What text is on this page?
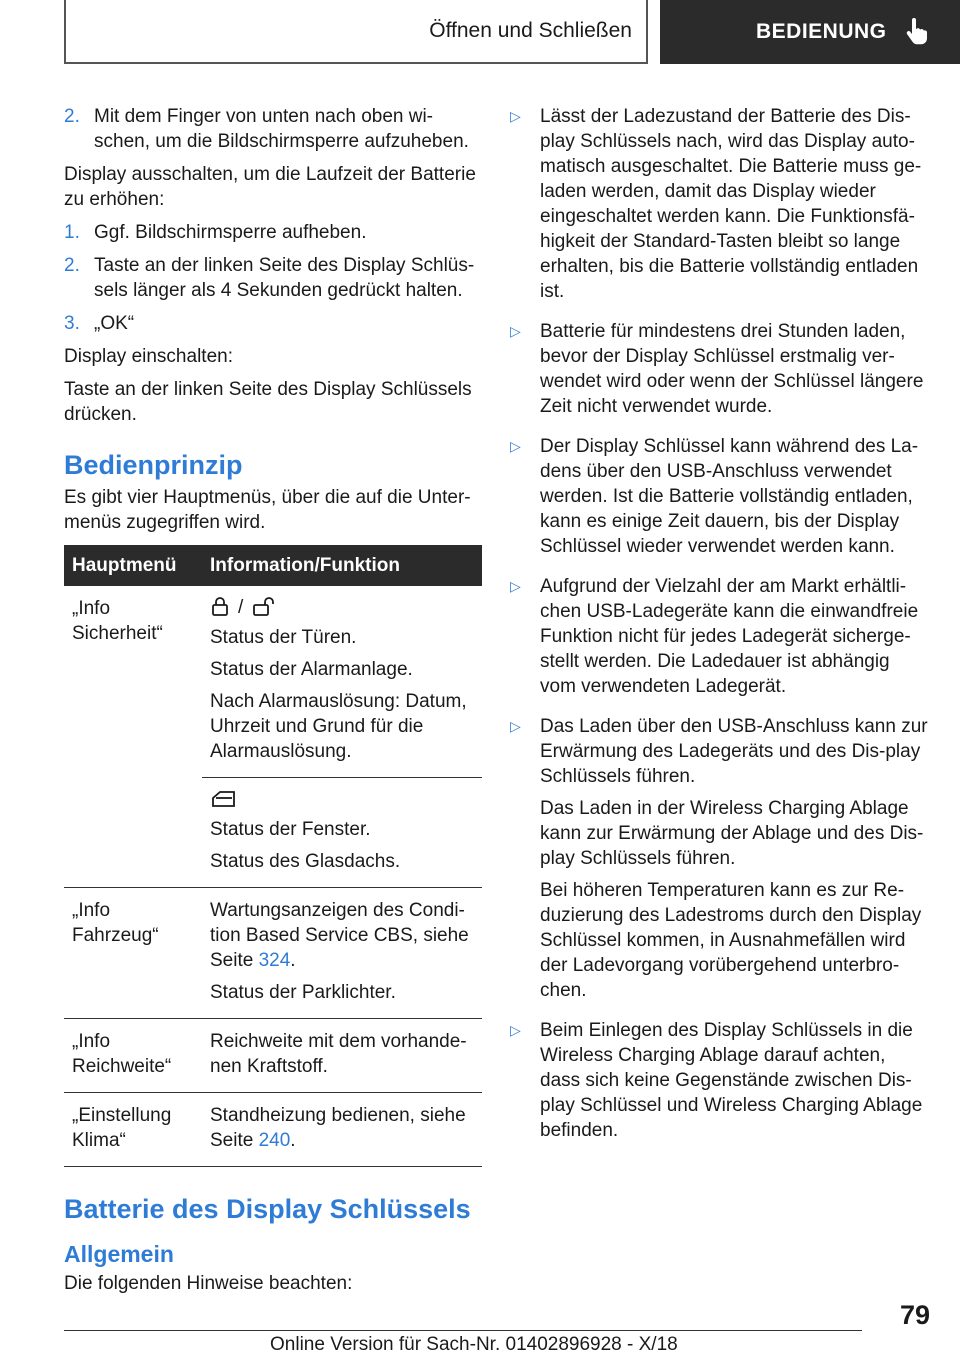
Öffnen und Schließen	BEDIENUNG
2. Mit dem Finger von unten nach oben wi-schen, um die Bildschirmsperre aufzuheben.

Display ausschalten, um die Laufzeit der Batterie zu erhöhen:

1. Ggf. Bildschirmsperre aufheben.
2. Taste an der linken Seite des Display Schlüs-sels länger als 4 Sekunden gedrückt halten.
3. „OK“

Display einschalten:

Taste an der linken Seite des Display Schlüssels drücken.

Bedienprinzip

Es gibt vier Hauptmenüs, über die auf die Unter-menüs zugegriffen wird.

Hauptmenü	Information/Funktion
„Info Sicherheit“	/

Status der Türen.

Status der Alarmanlage.

Nach Alarmauslösung: Datum, Uhrzeit und Grund für die Alarmauslösung.

	Status der Fenster.

Status des Glasdachs.

„Info Fahrzeug“	Wartungsanzeigen des Condi-tion Based Service CBS, siehe Seite 324.

Status der Parklichter.

„Info Reichweite“	Reichweite mit dem vorhande-nen Kraftstoff.

„Einstellung Klima“	Standheizung bedienen, siehe Seite 240.

Batterie des Display Schlüssels
Allgemein

Die folgenden Hinweise beachten:

▷	Lässt der Ladezustand der Batterie des Dis-play Schlüssels nach, wird das Display auto-matisch ausgeschaltet. Die Batterie muss ge-laden werden, damit das Display wieder eingeschaltet werden kann. Die Funktionsfä-higkeit der Standard-Tasten bleibt so lange erhalten, bis die Batterie vollständig entladen ist.

▷	Batterie für mindestens drei Stunden laden, bevor der Display Schlüssel erstmalig ver-wendet wird oder wenn der Schlüssel längere Zeit nicht verwendet wurde.

▷	Der Display Schlüssel kann während des La-dens über den USB-Anschluss verwendet werden. Ist die Batterie vollständig entladen, kann es einige Zeit dauern, bis der Display Schlüssel wieder verwendet werden kann.

▷	Aufgrund der Vielzahl der am Markt erhältli-chen USB-Ladegeräte kann die einwandfreie Funktion nicht für jedes Ladegerät sicherge-stellt werden. Die Ladedauer ist abhängig vom verwendeten Ladegerät.

▷	Das Laden über den USB-Anschluss kann zur Erwärmung des Ladegeräts und des Dis-play Schlüssels führen.

Das Laden in der Wireless Charging Ablage kann zur Erwärmung der Ablage und des Dis-play Schlüssels führen.

Bei höheren Temperaturen kann es zur Re-duzierung des Ladestroms durch den Display Schlüssel kommen, in Ausnahmefällen wird der Ladevorgang vorübergehend unterbro-chen.

▷	Beim Einlegen des Display Schlüssels in die Wireless Charging Ablage darauf achten, dass sich keine Gegenstände zwischen Dis-play Schlüssel und Wireless Charging Ablage befinden.

79
Online Version für Sach-Nr. 01402896928 - X/18
